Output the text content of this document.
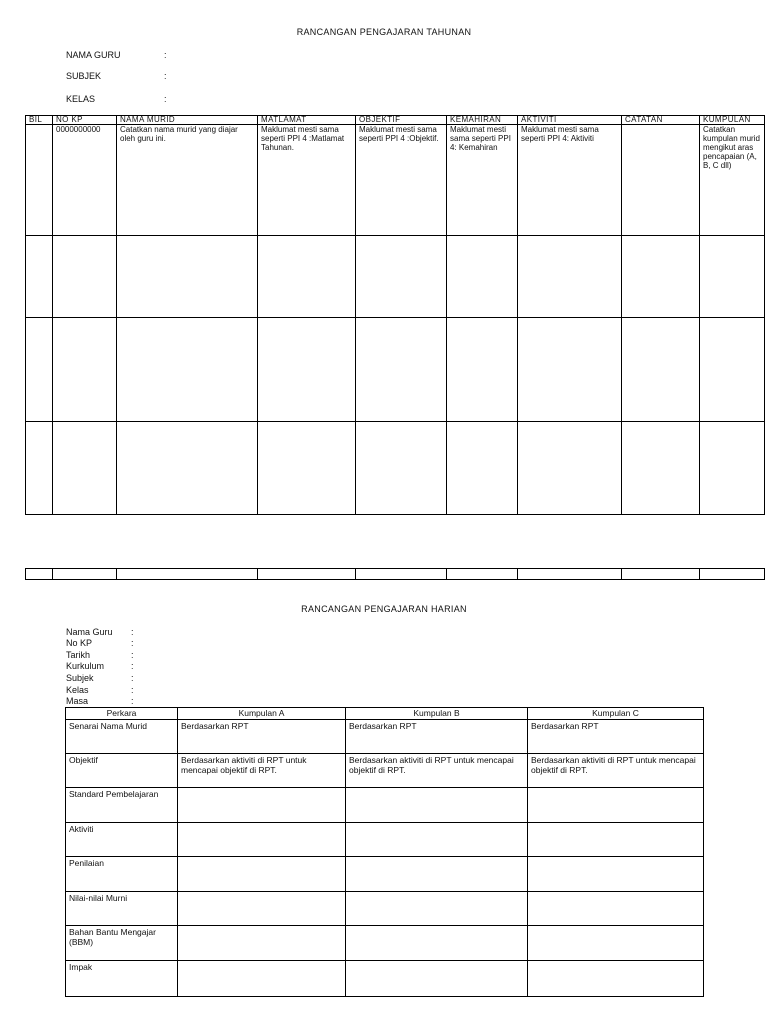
RANCANGAN PENGAJARAN TAHUNAN
NAMA GURU	:
SUBJEK	:
KELAS	:
BIL	NO KP	NAMA MURID	MATLAMAT	OBJEKTIF	KEMAHIRAN	AKTIVITI	CATATAN	KUMPULAN
	0000000000	Catatkan nama murid yang diajar oleh guru ini.	Maklumat mesti sama seperti PPI 4 :Matlamat Tahunan.	Maklumat mesti sama seperti PPI 4 :Objektif.	Maklumat mesti sama seperti PPI 4: Kemahiran	Maklumat mesti sama seperti PPI 4: Aktiviti		Catatkan kumpulan murid mengikut aras pencapaian (A, B, C dll)

RANCANGAN PENGAJARAN HARIAN
Nama Guru :
No KP	:
Tarikh	:
Kurkulum	:
Subjek	:
Kelas	:
Masa	:
Perkara	Kumpulan A	Kumpulan B	Kumpulan C
Senarai Nama Murid	Berdasarkan RPT	Berdasarkan RPT	Berdasarkan RPT
Objektif	Berdasarkan aktiviti di RPT untuk mencapai objektif di RPT.	Berdasarkan aktiviti di RPT untuk mencapai objektif di RPT.	Berdasarkan aktiviti di RPT untuk mencapai objektif di RPT.
Standard Pembelajaran			
Aktiviti			
Penilaian			
Nilai-nilai Murni			
Bahan Bantu Mengajar (BBM)			
Impak			
